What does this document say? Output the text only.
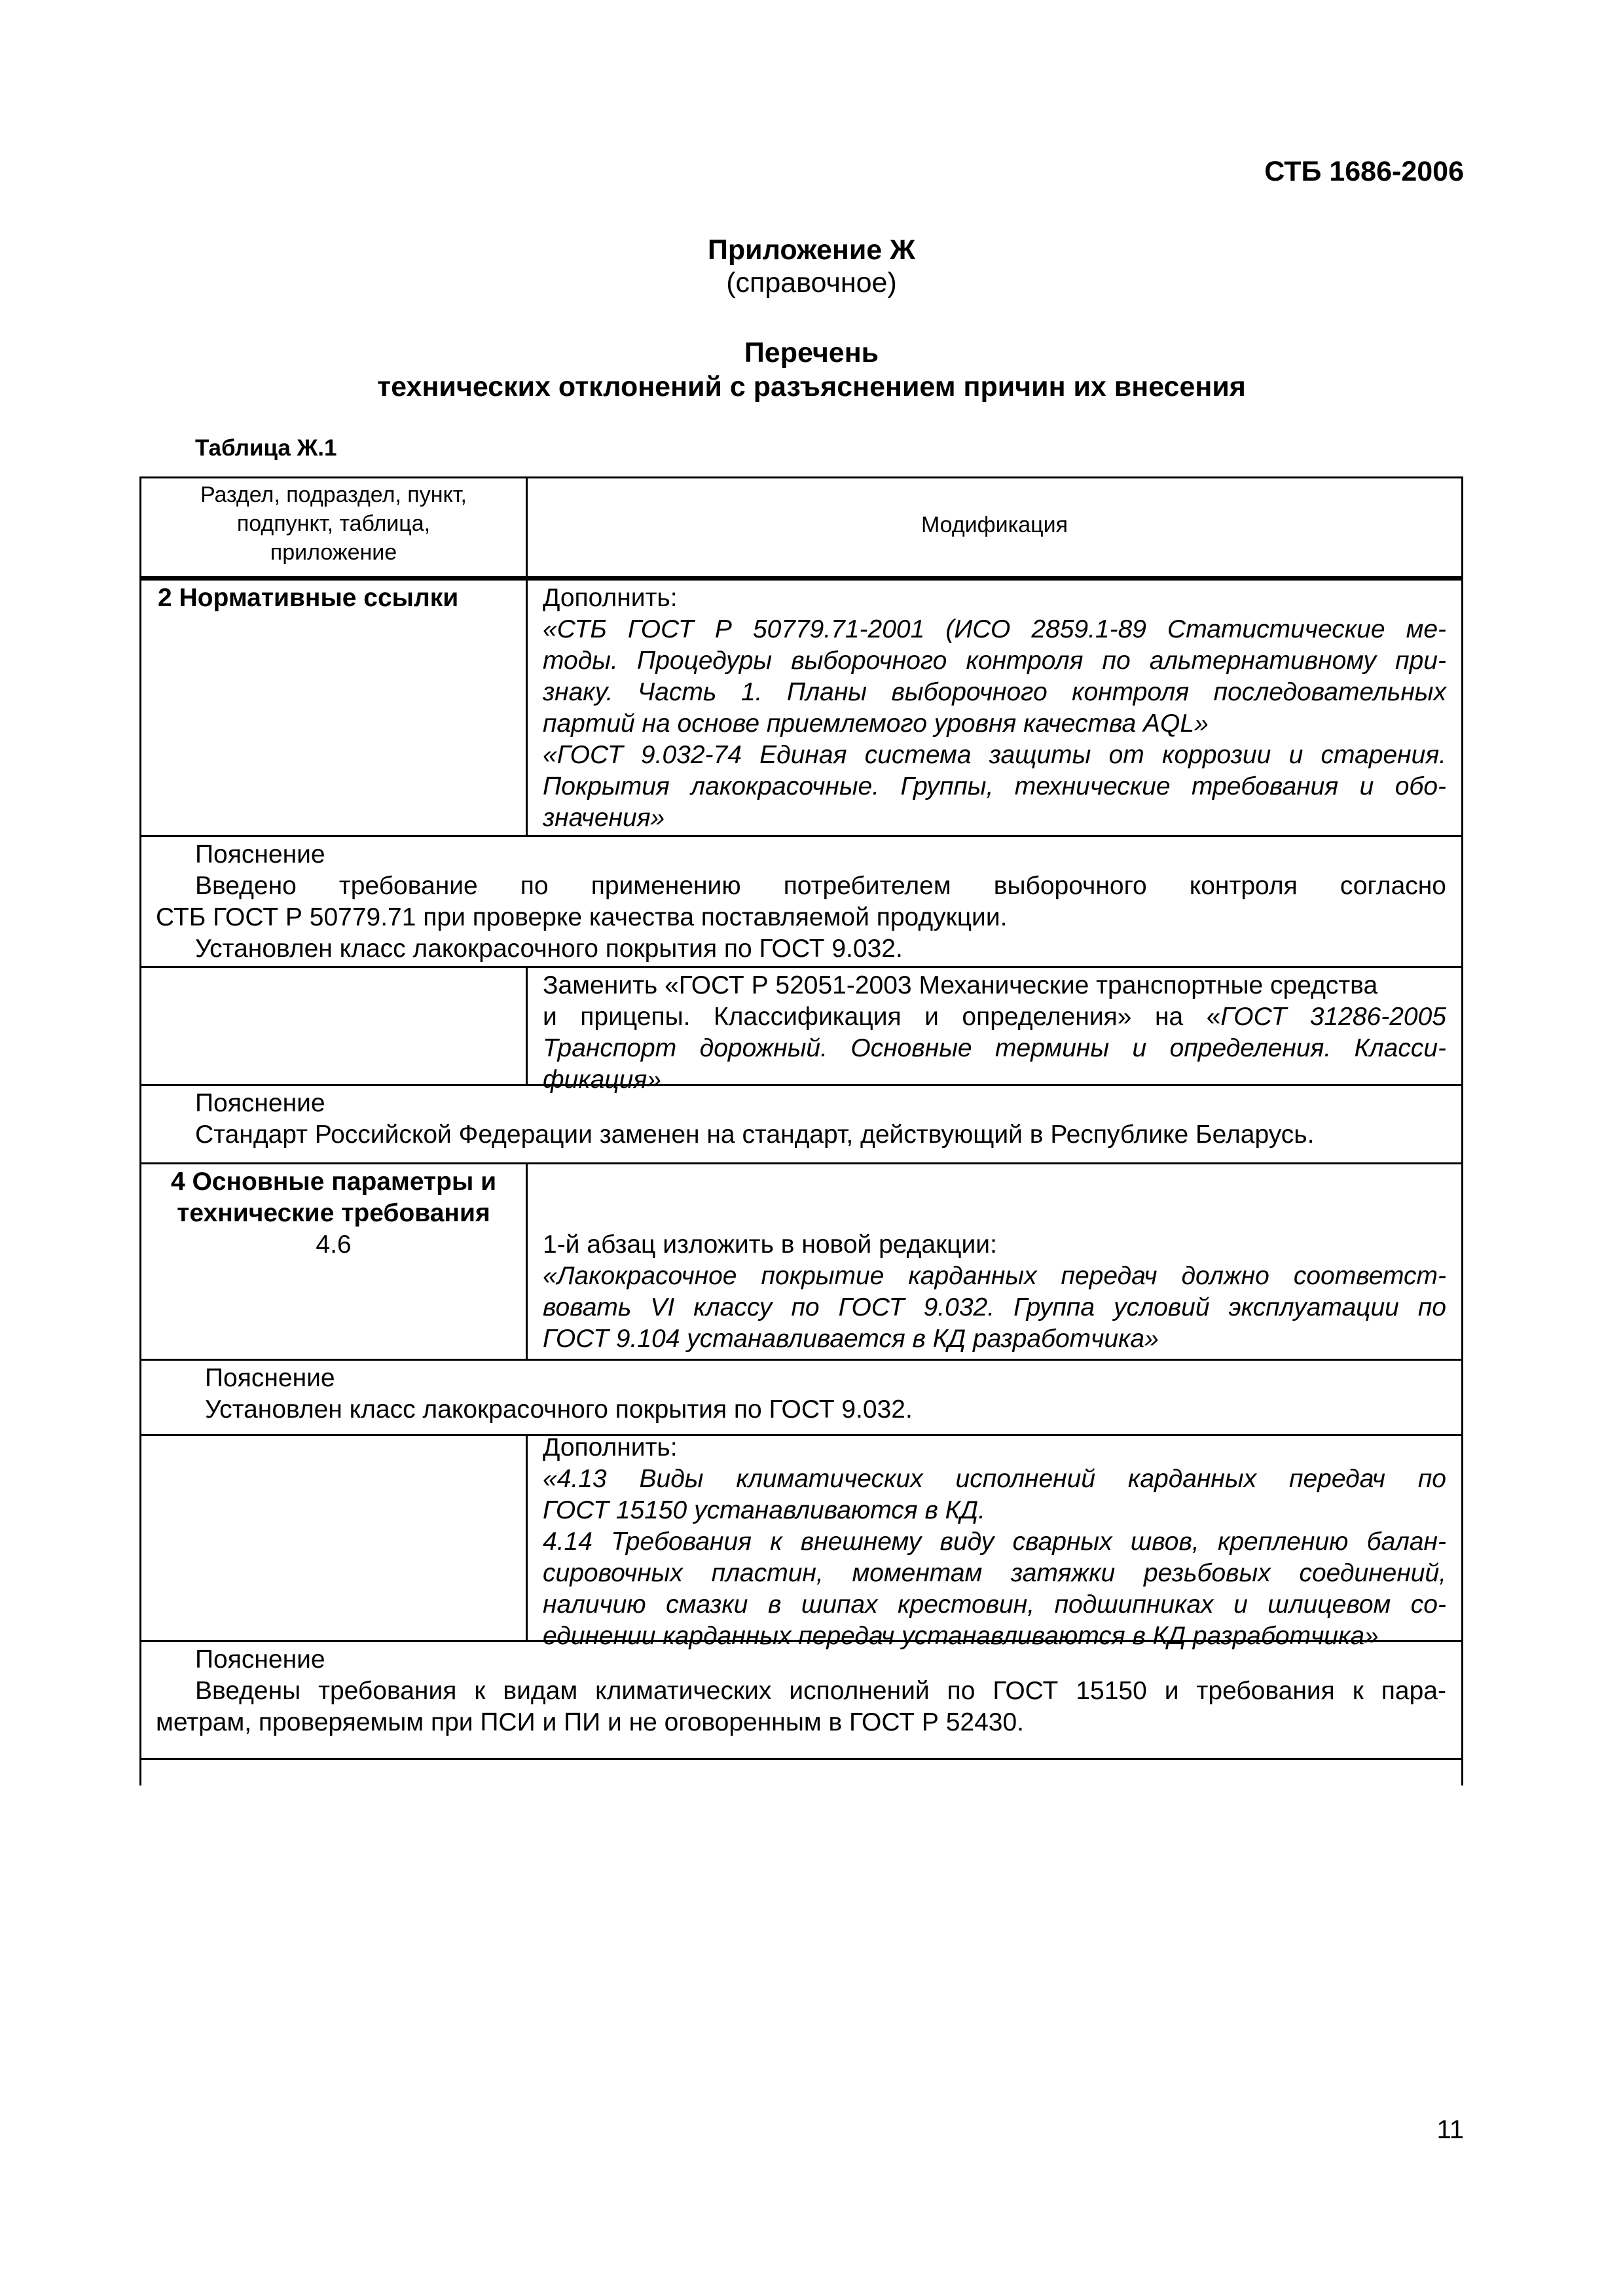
СТБ 1686-2006
Приложение Ж
(справочное)
Перечень
технических отклонений с разъяснением причин их внесения
Таблица Ж.1
Раздел, подраздел, пункт,
подпункт, таблица,
приложение
Модификация
2 Нормативные ссылки	Дополнить:
«СТБ ГОСТ Р 50779.71-2001 (ИСО 2859.1-89 Статистические ме-
тоды. Процедуры выборочного контроля по альтернативному при-
знаку. Часть 1. Планы выборочного контроля последовательных
партий на основе приемлемого уровня качества AQL»
«ГОСТ 9.032-74 Единая система защиты от коррозии и старения.
Покрытия лакокрасочные. Группы, технические требования и обо-
значения»
Пояснение
Введено требование по применению потребителем выборочного контроля согласно
СТБ ГОСТ Р 50779.71 при проверке качества поставляемой продукции.
Установлен класс лакокрасочного покрытия по ГОСТ 9.032.
Заменить «ГОСТ Р 52051-2003 Механические транспортные средства
и прицепы. Классификация и определения» на «ГОСТ 31286-2005
Транспорт дорожный. Основные термины и определения. Класси-
фикация»
Пояснение
Стандарт Российской Федерации заменен на стандарт, действующий в Республике Беларусь.
4 Основные параметры и
технические требования
4.6	1-й абзац изложить в новой редакции:
«Лакокрасочное покрытие карданных передач должно соответст-
вовать VI классу по ГОСТ 9.032. Группа условий эксплуатации по
ГОСТ 9.104 устанавливается в КД разработчика»
Пояснение
Установлен класс лакокрасочного покрытия по ГОСТ 9.032.
Дополнить:
«4.13 Виды климатических исполнений карданных передач по
ГОСТ 15150 устанавливаются в КД.
4.14 Требования к внешнему виду сварных швов, креплению балан-
сировочных пластин, моментам затяжки резьбовых соединений,
наличию смазки в шипах крестовин, подшипниках и шлицевом со-
единении карданных передач устанавливаются в КД разработчика»
Пояснение
Введены требования к видам климатических исполнений по ГОСТ 15150 и требования к пара-
метрам, проверяемым при ПСИ и ПИ и не оговоренным в ГОСТ Р 52430.
11
